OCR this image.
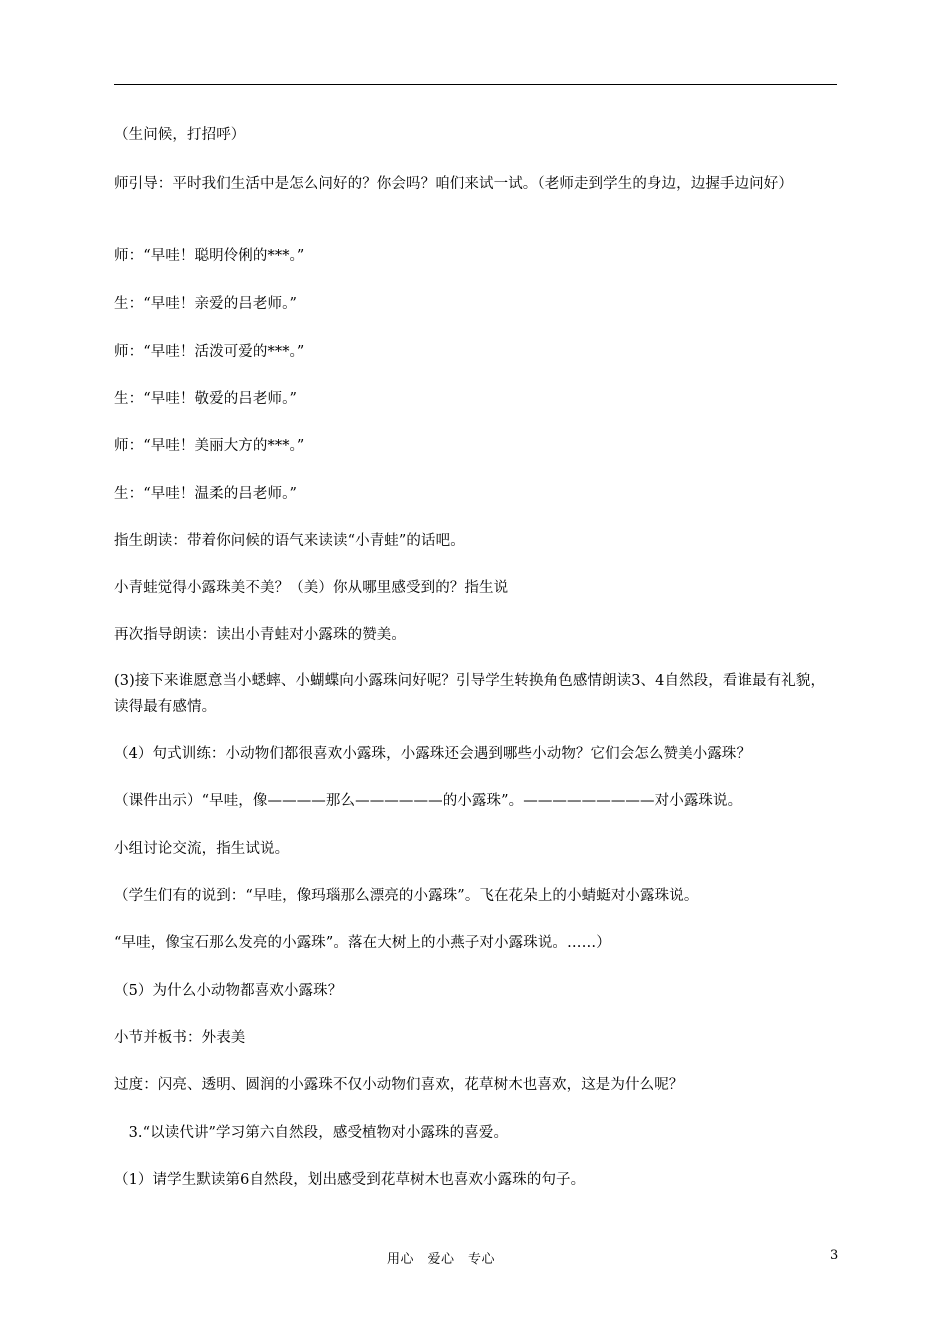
（生问候，打招呼）
师引导：平时我们生活中是怎么问好的？你会吗？咱们来试一试。（老师走到学生的身边，边握手边问好）
师：“早哇！聪明伶俐的***。”
生：“早哇！亲爱的吕老师。”
师：“早哇！活泼可爱的***。”
生：“早哇！敬爱的吕老师。”
师：“早哇！美丽大方的***。”
生：“早哇！温柔的吕老师。”
指生朗读：带着你问候的语气来读读“小青蛙”的话吧。
小青蛙觉得小露珠美不美？（美）你从哪里感受到的？指生说
再次指导朗读：读出小青蛙对小露珠的赞美。
(3)接下来谁愿意当小蟋蟀、小蝴蝶向小露珠问好呢？引导学生转换角色感情朗读3、4自然段，看谁最有礼貌，读得最有感情。
（4）句式训练：小动物们都很喜欢小露珠，小露珠还会遇到哪些小动物？它们会怎么赞美小露珠？
（课件出示）“早哇，像————那么——————的小露珠”。—————————对小露珠说。
小组讨论交流，指生试说。
（学生们有的说到：“早哇，像玛瑙那么漂亮的小露珠”。飞在花朵上的小蜻蜓对小露珠说。
“早哇，像宝石那么发亮的小露珠”。落在大树上的小燕子对小露珠说。……）
（5）为什么小动物都喜欢小露珠？
小节并板书：外表美
过度：闪亮、透明、圆润的小露珠不仅小动物们喜欢，花草树木也喜欢，这是为什么呢？
　3.“以读代讲”学习第六自然段，感受植物对小露珠的喜爱。
（1）请学生默读第6自然段，划出感受到花草树木也喜欢小露珠的句子。
用心　爱心　专心	3
